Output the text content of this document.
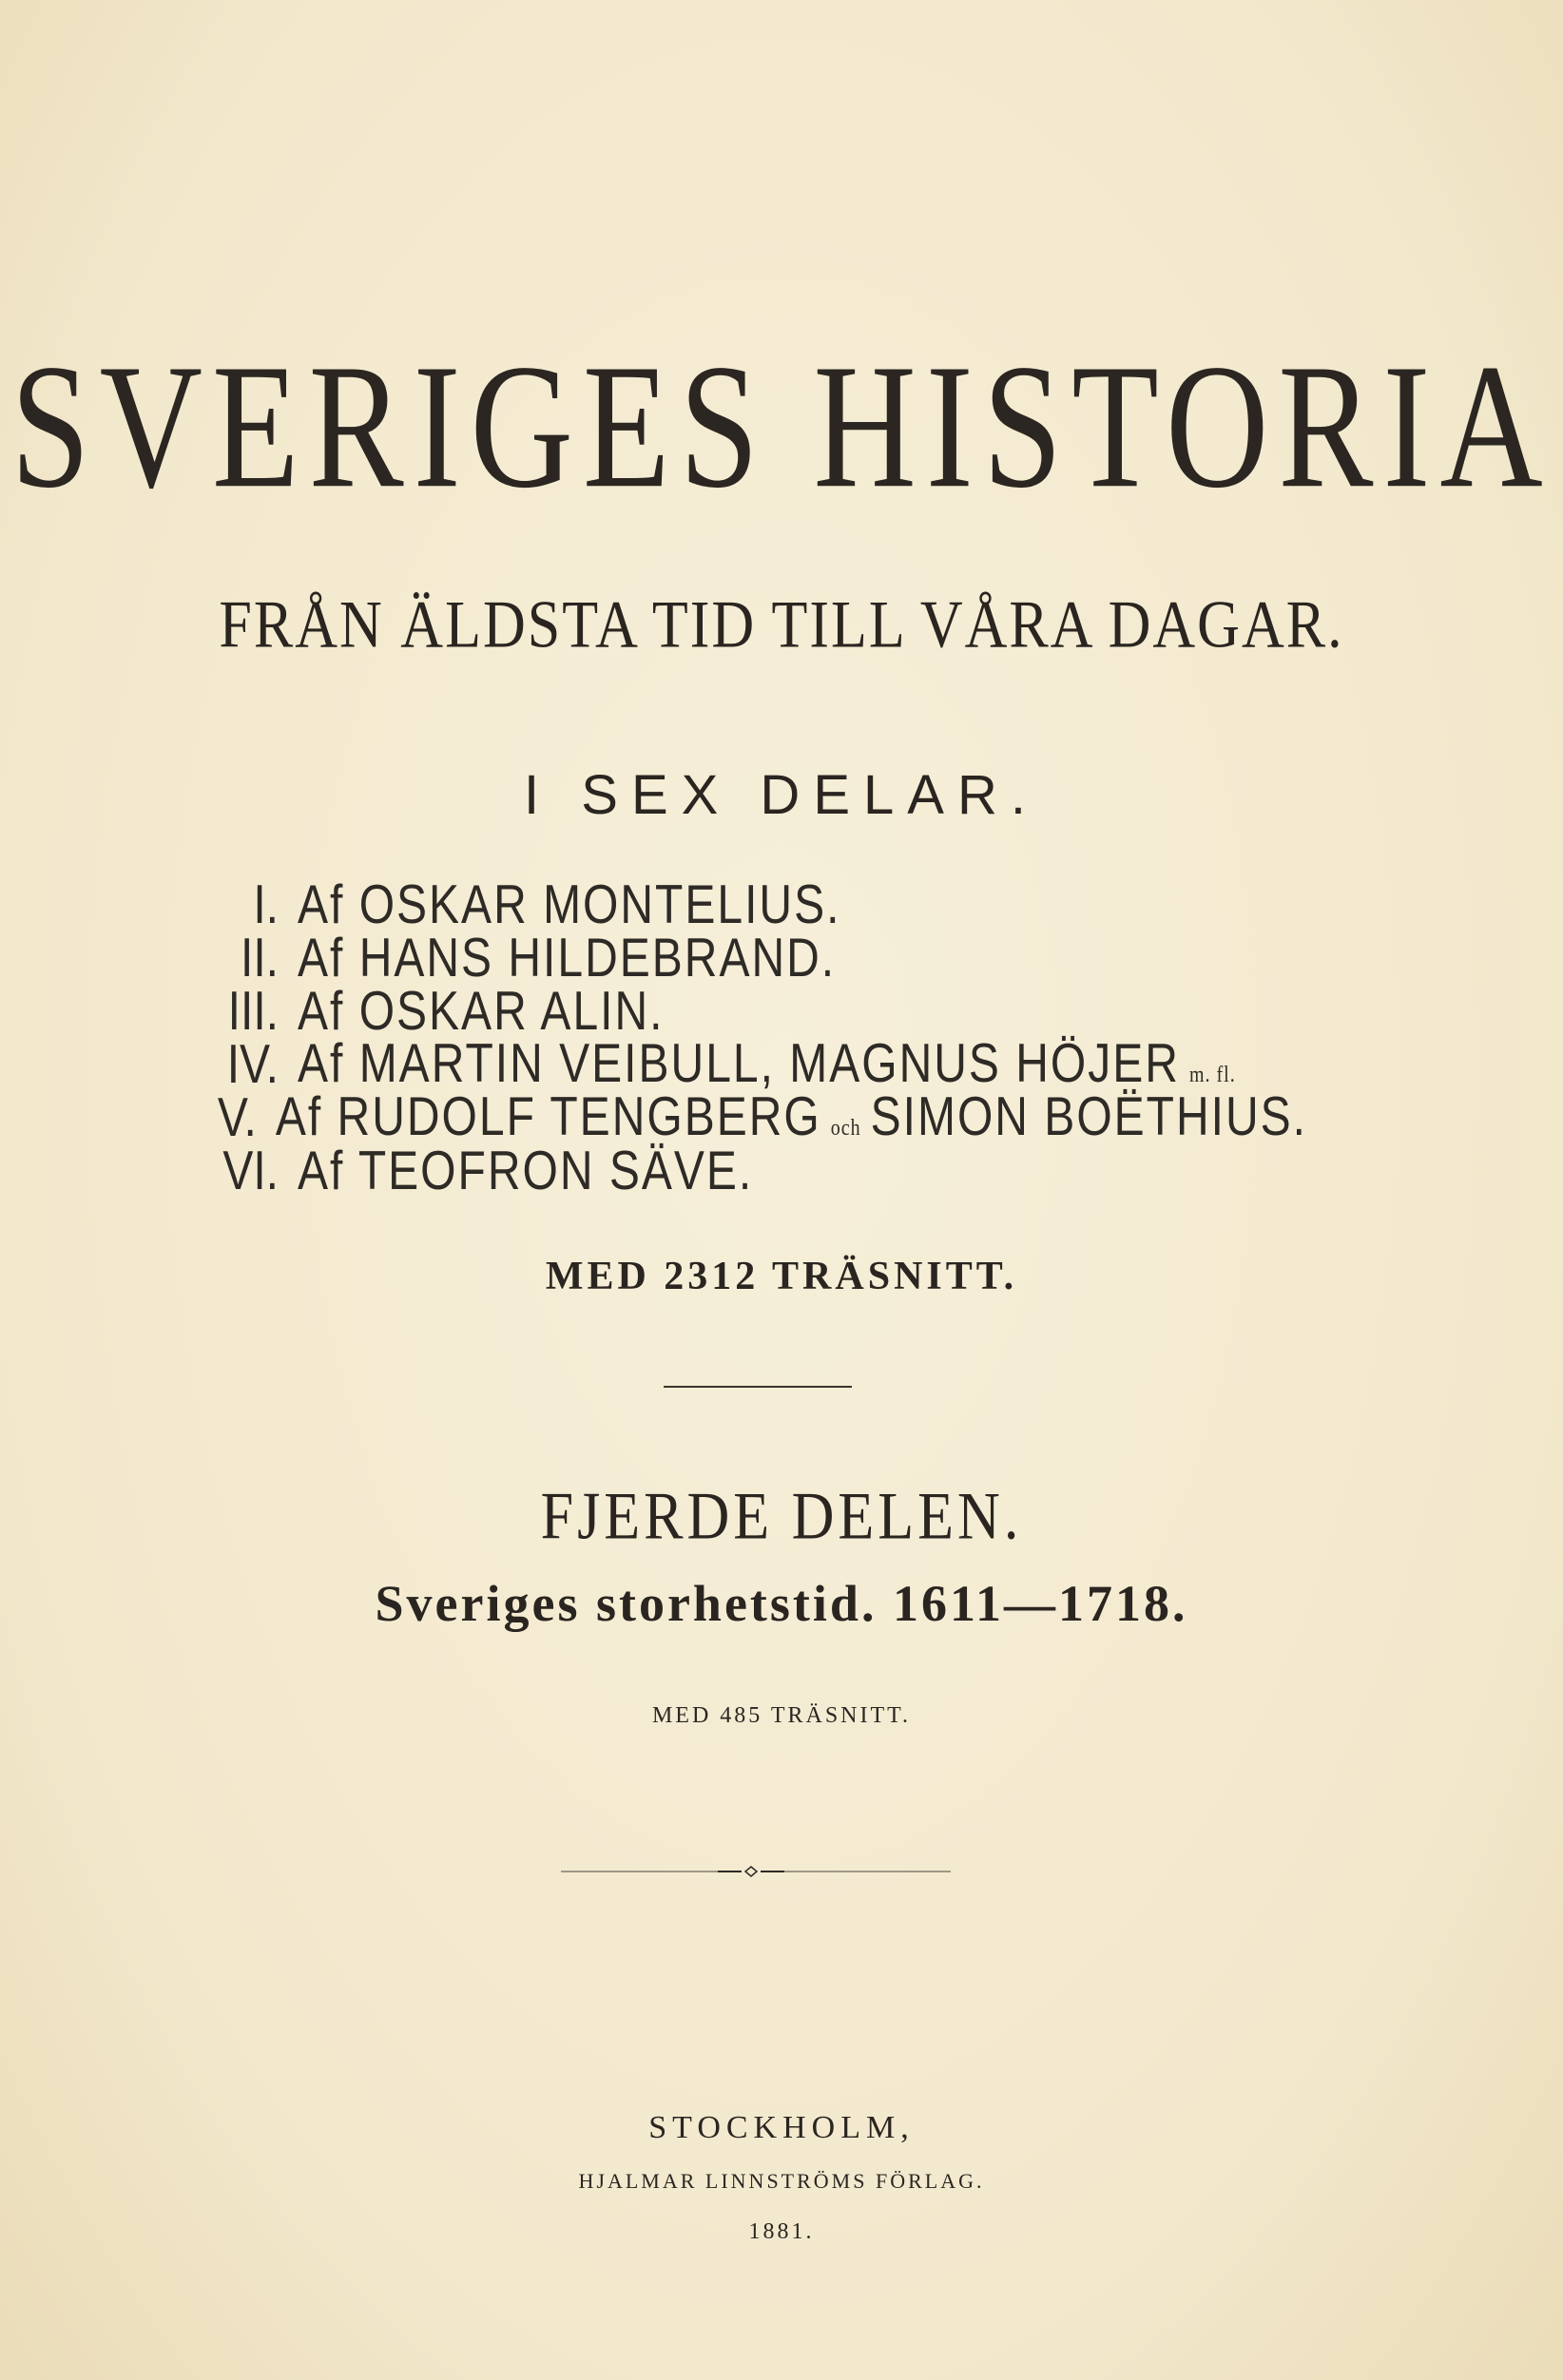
SVERIGES HISTORIA
FRÅN ÄLDSTA TID TILL VÅRA DAGAR.
I SEX DELAR.
I. Af OSKAR MONTELIUS.
II. Af HANS HILDEBRAND.
III. Af OSKAR ALIN.
IV. Af MARTIN VEIBULL, MAGNUS HÖJER m. fl.
V. Af RUDOLF TENGBERG och SIMON BOËTHIUS.
VI. Af TEOFRON SÄVE.
MED 2312 TRÄSNITT.
FJERDE DELEN.
Sveriges storhetstid. 1611—1718.
MED 485 TRÄSNITT.
STOCKHOLM,
HJALMAR LINNSTRÖMS FÖRLAG.
1881.
